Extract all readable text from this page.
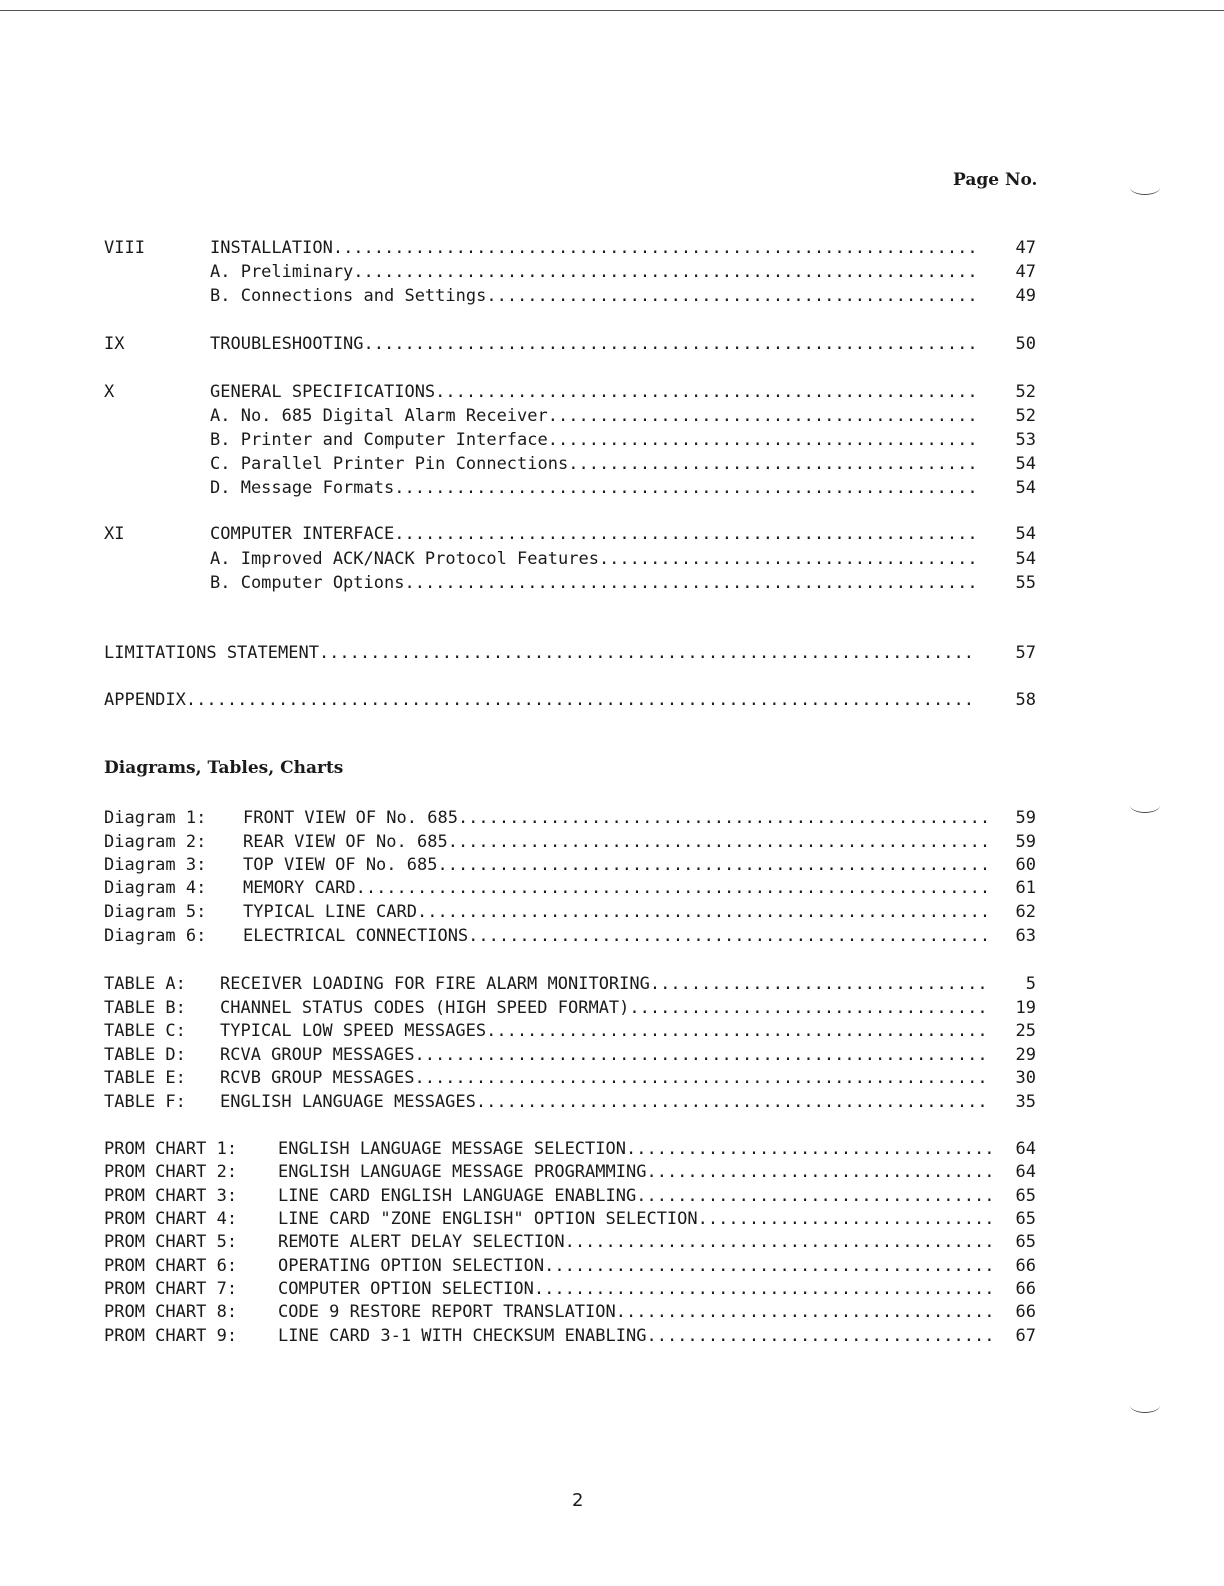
Page No.
VIII	INSTALLATION .....	47
A. Preliminary .....	47
B. Connections and Settings .....	49
IX	TROUBLESHOOTING .....	50
X	GENERAL SPECIFICATIONS .....	52
A. No. 685 Digital Alarm Receiver .....	52
B. Printer and Computer Interface .....	53
C. Parallel Printer Pin Connections .....	54
D. Message Formats .....	54
XI	COMPUTER INTERFACE .....	54
A. Improved ACK/NACK Protocol Features .....	54
B. Computer Options .....	55
LIMITATIONS STATEMENT .....	57
APPENDIX .....	58
Diagrams, Tables, Charts
Diagram 1: FRONT VIEW OF No. 685 .....	59
Diagram 2: REAR VIEW OF No. 685 .....	59
Diagram 3: TOP VIEW OF No. 685 .....	60
Diagram 4: MEMORY CARD .....	61
Diagram 5: TYPICAL LINE CARD .....	62
Diagram 6: ELECTRICAL CONNECTIONS .....	63
TABLE A: RECEIVER LOADING FOR FIRE ALARM MONITORING .....	5
TABLE B: CHANNEL STATUS CODES (HIGH SPEED FORMAT) .....	19
TABLE C: TYPICAL LOW SPEED MESSAGES .....	25
TABLE D: RCVA GROUP MESSAGES .....	29
TABLE E: RCVB GROUP MESSAGES .....	30
TABLE F: ENGLISH LANGUAGE MESSAGES .....	35
PROM CHART 1: ENGLISH LANGUAGE MESSAGE SELECTION .....	64
PROM CHART 2: ENGLISH LANGUAGE MESSAGE PROGRAMMING .....	64
PROM CHART 3: LINE CARD ENGLISH LANGUAGE ENABLING .....	65
PROM CHART 4: LINE CARD "ZONE ENGLISH" OPTION SELECTION .....	65
PROM CHART 5: REMOTE ALERT DELAY SELECTION .....	65
PROM CHART 6: OPERATING OPTION SELECTION .....	66
PROM CHART 7: COMPUTER OPTION SELECTION .....	66
PROM CHART 8: CODE 9 RESTORE REPORT TRANSLATION.. .....	66
PROM CHART 9: LINE CARD 3-1 WITH CHECKSUM ENABLING .....	67
2
